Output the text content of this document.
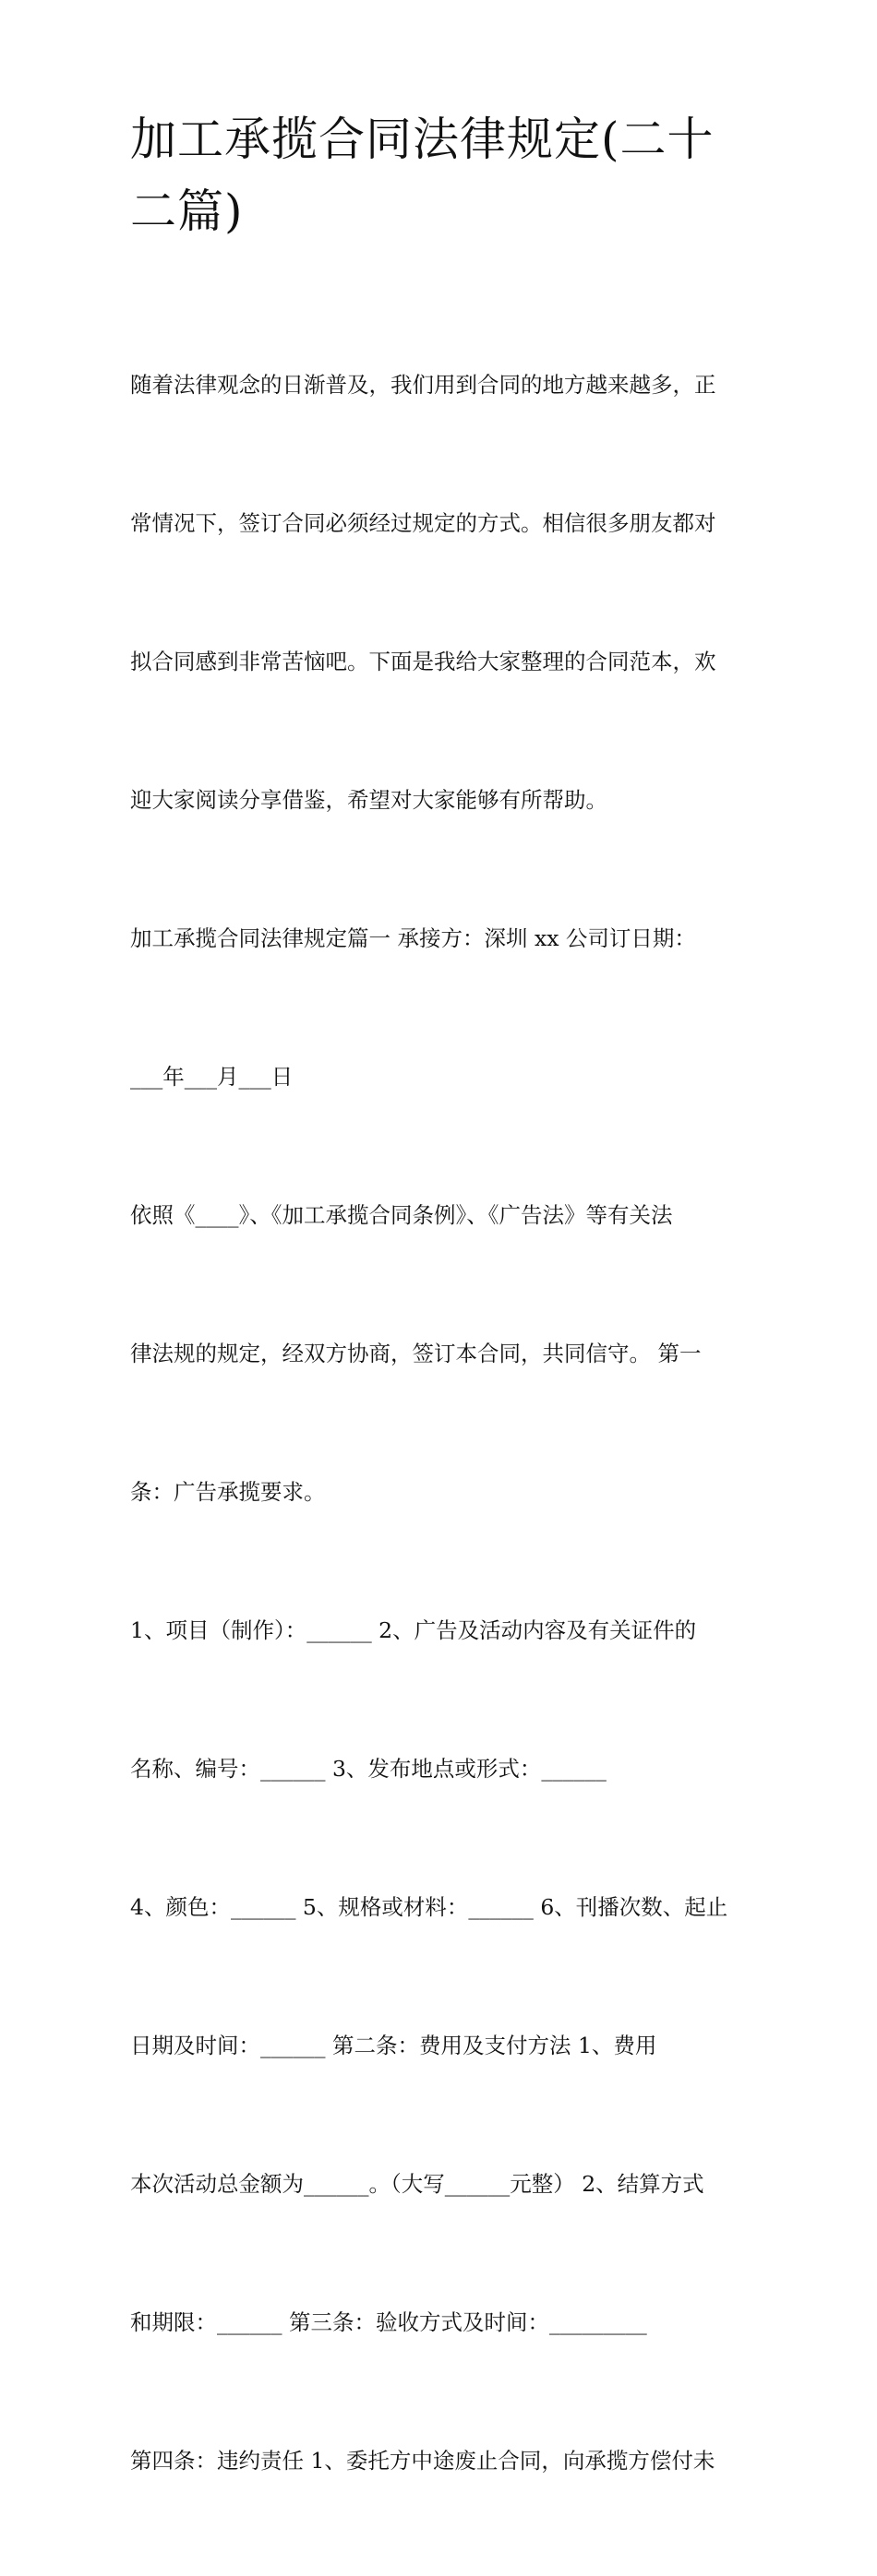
加工承揽合同法律规定(二十二篇)

随着法律观念的日渐普及，我们用到合同的地方越来越多，正

常情况下，签订合同必须经过规定的方式。相信很多朋友都对

拟合同感到非常苦恼吧。下面是我给大家整理的合同范本，欢

迎大家阅读分享借鉴，希望对大家能够有所帮助。

加工承揽合同法律规定篇一 承接方：深圳 xx 公司订日期：

___年___月___日

依照《____》、《加工承揽合同条例》、《广告法》等有关法

律法规的规定，经双方协商，签订本合同，共同信守。 第一

条：广告承揽要求。

1、项目（制作）：______ 2、广告及活动内容及有关证件的

名称、编号：______ 3、发布地点或形式：______

4、颜色：______ 5、规格或材料：______ 6、刊播次数、起止

日期及时间：______ 第二条：费用及支付方法 1、费用

本次活动总金额为______。（大写______元整） 2、结算方式

和期限：______ 第三条：验收方式及时间：_________

第四条：违约责任 1、委托方中途废止合同，向承揽方偿付未
